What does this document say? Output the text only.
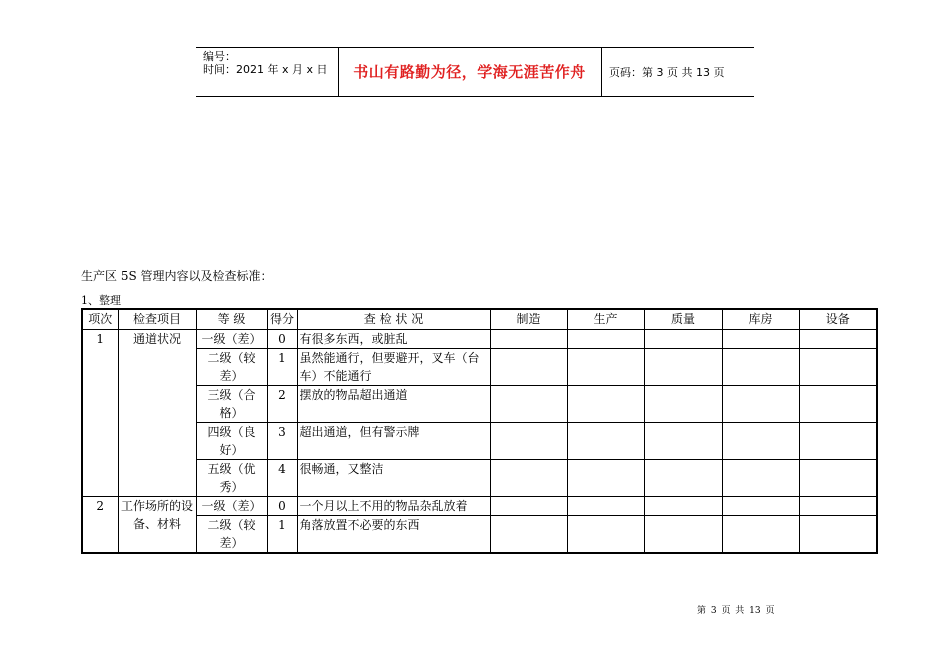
编号：
时间：2021 年 x 月 x 日	书山有路勤为径，学海无涯苦作舟	页码：第 3 页 共 13 页
生产区 5S 管理内容以及检查标准：
1、整理
项次	检查项目	等 级	得分	查 检 状 况	制造	生产	质量	库房	设备
1	通道状况	一级（差）	0	有很多东西，或脏乱					
		二级（较差）	1	虽然能通行，但要避开，叉车（台车）不能通行					
		三级（合格）	2	摆放的物品超出通道					
		四级（良好）	3	超出通道，但有警示牌					
		五级（优秀）	4	很畅通，又整洁					
2	工作场所的设备、材料	一级（差）	0	一个月以上不用的物品杂乱放着					
		二级（较差）	1	角落放置不必要的东西					
第 3 页 共 13 页
